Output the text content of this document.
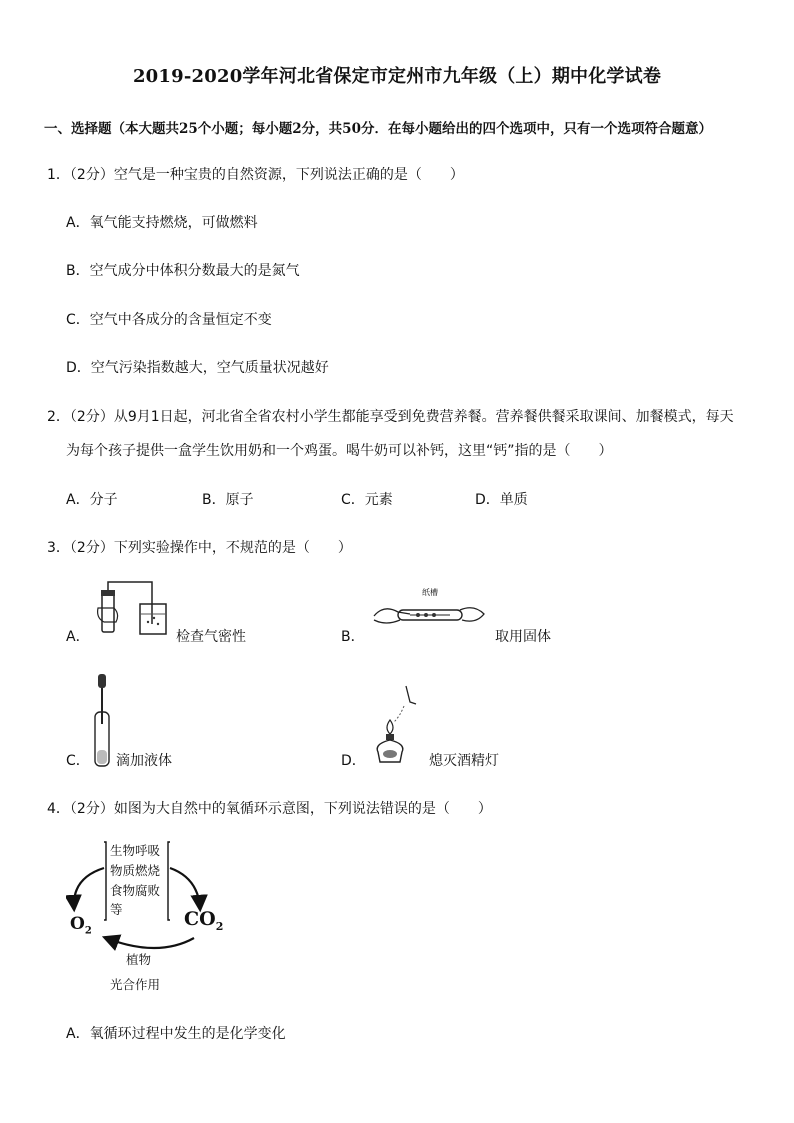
2019-2020学年河北省保定市定州市九年级（上）期中化学试卷
一、选择题（本大题共25个小题；每小题2分，共50分．在每小题给出的四个选项中，只有一个选项符合题意）
1．（2分）空气是一种宝贵的自然资源，下列说法正确的是（　　）
A．氧气能支持燃烧，可做燃料
B．空气成分中体积分数最大的是氮气
C．空气中各成分的含量恒定不变
D．空气污染指数越大，空气质量状况越好
2．（2分）从9月1日起，河北省全省农村小学生都能享受到免费营养餐。营养餐供餐采取课间、加餐模式，每天
为每个孩子提供一盒学生饮用奶和一个鸡蛋。喝牛奶可以补钙，这里“钙”指的是（　　）
A．分子	B．原子	C．元素	D．单质
3．（2分）下列实验操作中，不规范的是（　　）
A．	检查气密性	B．
纸槽
取用固体
C． 滴加液体	D．	熄灭酒精灯
4．（2分）如图为大自然中的氧循环示意图，下列说法错误的是（　　）
生物呼吸
物质燃烧
食物腐败
等
$O_2$
$CO_2$
植物
光合作用
A．氧循环过程中发生的是化学变化
